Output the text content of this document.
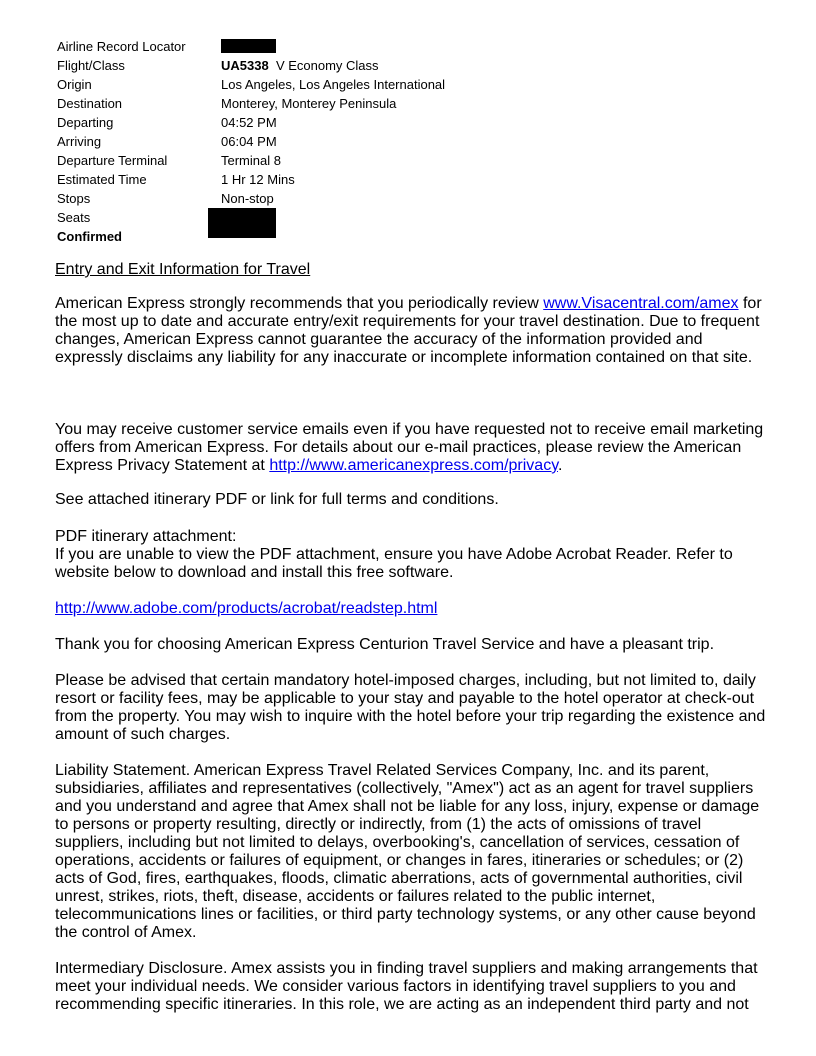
Airline Record Locator
Flight/Class	UA5338 V Economy Class
Origin	Los Angeles, Los Angeles International
Destination	Monterey, Monterey Peninsula
Departing	04:52 PM
Arriving	06:04 PM
Departure Terminal	Terminal 8
Estimated Time	1 Hr 12 Mins
Stops	Non-stop
Seats
Confirmed
Entry and Exit Information for Travel
American Express strongly recommends that you periodically review www.Visacentral.com/amex for the most up to date and accurate entry/exit requirements for your travel destination. Due to frequent changes, American Express cannot guarantee the accuracy of the information provided and expressly disclaims any liability for any inaccurate or incomplete information contained on that site.
You may receive customer service emails even if you have requested not to receive email marketing offers from American Express. For details about our e-mail practices, please review the American Express Privacy Statement at http://www.americanexpress.com/privacy.
See attached itinerary PDF or link for full terms and conditions.
PDF itinerary attachment:
If you are unable to view the PDF attachment, ensure you have Adobe Acrobat Reader. Refer to website below to download and install this free software.
http://www.adobe.com/products/acrobat/readstep.html
Thank you for choosing American Express Centurion Travel Service and have a pleasant trip.
Please be advised that certain mandatory hotel-imposed charges, including, but not limited to, daily resort or facility fees, may be applicable to your stay and payable to the hotel operator at check-out from the property. You may wish to inquire with the hotel before your trip regarding the existence and amount of such charges.
Liability Statement. American Express Travel Related Services Company, Inc. and its parent, subsidiaries, affiliates and representatives (collectively, "Amex") act as an agent for travel suppliers and you understand and agree that Amex shall not be liable for any loss, injury, expense or damage to persons or property resulting, directly or indirectly, from (1) the acts of omissions of travel suppliers, including but not limited to delays, overbooking's, cancellation of services, cessation of operations, accidents or failures of equipment, or changes in fares, itineraries or schedules; or (2) acts of God, fires, earthquakes, floods, climatic aberrations, acts of governmental authorities, civil unrest, strikes, riots, theft, disease, accidents or failures related to the public internet, telecommunications lines or facilities, or third party technology systems, or any other cause beyond the control of Amex.
Intermediary Disclosure. Amex assists you in finding travel suppliers and making arrangements that meet your individual needs. We consider various factors in identifying travel suppliers to you and recommending specific itineraries. In this role, we are acting as an independent third party and not
